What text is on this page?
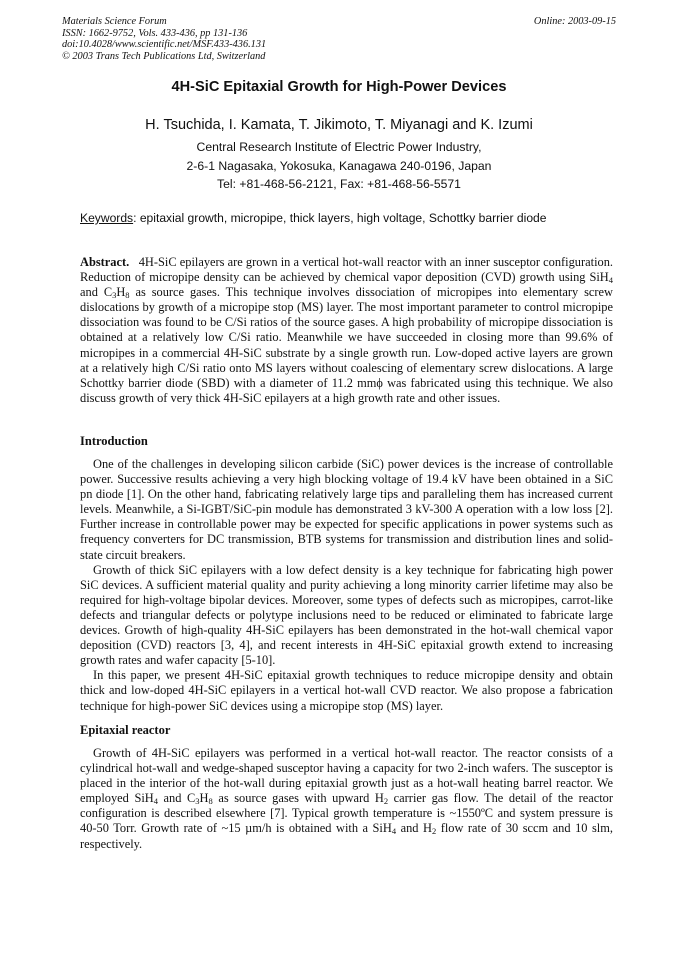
Materials Science Forum
ISSN: 1662-9752, Vols. 433-436, pp 131-136
doi:10.4028/www.scientific.net/MSF.433-436.131
© 2003 Trans Tech Publications Ltd, Switzerland
Online: 2003-09-15
4H-SiC Epitaxial Growth for High-Power Devices
H. Tsuchida, I. Kamata, T. Jikimoto, T. Miyanagi and K. Izumi
Central Research Institute of Electric Power Industry,
2-6-1 Nagasaka, Yokosuka, Kanagawa 240-0196, Japan
Tel: +81-468-56-2121, Fax: +81-468-56-5571
Keywords: epitaxial growth, micropipe, thick layers, high voltage, Schottky barrier diode

Abstract. 4H-SiC epilayers are grown in a vertical hot-wall reactor with an inner susceptor configuration. Reduction of micropipe density can be achieved by chemical vapor deposition (CVD) growth using SiH$_4$ and $C_3H_8$ as source gases. This technique involves dissociation of micropipes into elementary screw dislocations by growth of a micropipe stop (MS) layer. The most important parameter to control micropipe dissociation was found to be C/Si ratios of the source gases. A high probability of micropipe dissociation is obtained at a relatively low C/Si ratio. Meanwhile we have succeeded in closing more than 99.6% of micropipes in a commercial 4H-SiC substrate by a single growth run. Low-doped active layers are grown at a relatively high C/Si ratio onto MS layers without coalescing of elementary screw dislocations. A large Schottky barrier diode (SBD) with a diameter of 11.2 mmϕ was fabricated using this technique. We also discuss growth of very thick 4H-SiC epilayers at a high growth rate and other issues.

Introduction

One of the challenges in developing silicon carbide (SiC) power devices is the increase of controllable power. Successive results achieving a very high blocking voltage of 19.4 kV have been obtained in a SiC pn diode [1]. On the other hand, fabricating relatively large tips and paralleling them has increased current levels. Meanwhile, a Si-IGBT/SiC-pin module has demonstrated 3 kV-300 A operation with a low loss [2]. Further increase in controllable power may be expected for specific applications in power systems such as frequency converters for DC transmission, BTB systems for transmission and distribution lines and solid-state circuit breakers.

Growth of thick SiC epilayers with a low defect density is a key technique for fabricating high power SiC devices. A sufficient material quality and purity achieving a long minority carrier lifetime may also be required for high-voltage bipolar devices. Moreover, some types of defects such as micropipes, carrot-like defects and triangular defects or polytype inclusions need to be reduced or eliminated to fabricate large devices. Growth of high-quality 4H-SiC epilayers has been demonstrated in the hot-wall chemical vapor deposition (CVD) reactors [3, 4], and recent interests in 4H-SiC epitaxial growth extend to increasing growth rates and wafer capacity [5-10].

In this paper, we present 4H-SiC epitaxial growth techniques to reduce micropipe density and obtain thick and low-doped 4H-SiC epilayers in a vertical hot-wall CVD reactor. We also propose a fabrication technique for high-power SiC devices using a micropipe stop (MS) layer.

Epitaxial reactor

Growth of 4H-SiC epilayers was performed in a vertical hot-wall reactor. The reactor consists of a cylindrical hot-wall and wedge-shaped susceptor having a capacity for two 2-inch wafers. The susceptor is placed in the interior of the hot-wall during epitaxial growth just as a hot-wall heating barrel reactor. We employed SiH$_4$ and $C_3H_8$ as source gases with upward $H_2$ carrier gas flow. The detail of the reactor configuration is described elsewhere [7]. Typical growth temperature is ~1550ºC and system pressure is 40-50 Torr. Growth rate of ~15 µm/h is obtained with a SiH$_4$ and $H_2$ flow rate of 30 sccm and 10 slm, respectively.
